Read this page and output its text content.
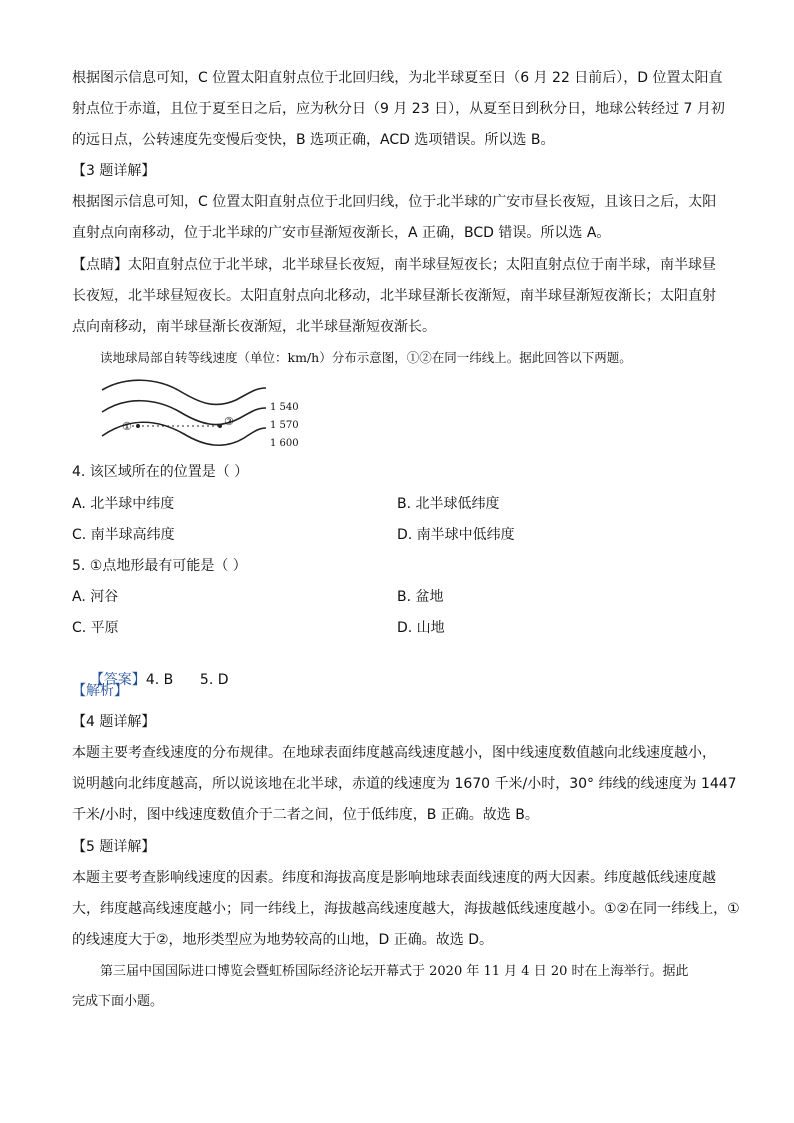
根据图示信息可知，C 位置太阳直射点位于北回归线，为北半球夏至日（6 月 22 日前后），D 位置太阳直
射点位于赤道，且位于夏至日之后，应为秋分日（9 月 23 日），从夏至日到秋分日，地球公转经过 7 月初
的远日点，公转速度先变慢后变快，B 选项正确，ACD 选项错误。所以选 B。
【3 题详解】
根据图示信息可知，C 位置太阳直射点位于北回归线，位于北半球的广安市昼长夜短，且该日之后，太阳
直射点向南移动，位于北半球的广安市昼渐短夜渐长，A 正确，BCD 错误。所以选 A。
【点睛】太阳直射点位于北半球，北半球昼长夜短，南半球昼短夜长；太阳直射点位于南半球，南半球昼
长夜短，北半球昼短夜长。太阳直射点向北移动，北半球昼渐长夜渐短，南半球昼渐短夜渐长；太阳直射
点向南移动，南半球昼渐长夜渐短，北半球昼渐短夜渐长。
读地球局部自转等线速度（单位：km/h）分布示意图，①②在同一纬线上。据此回答以下两题。
①	②
1 540
1 570
1 600
4. 该区域所在的位置是（ ）
A. 北半球中纬度	B. 北半球低纬度
C. 南半球高纬度	D. 南半球中低纬度
5. ①点地形最有可能是（ ）
A. 河谷	B. 盆地
C. 平原	D. 山地

【答案】4. B      5. D

【解析】
【4 题详解】
本题主要考查线速度的分布规律。在地球表面纬度越高线速度越小，图中线速度数值越向北线速度越小，
说明越向北纬度越高，所以说该地在北半球，赤道的线速度为 1670 千米/小时，30° 纬线的线速度为 1447
千米/小时，图中线速度数值介于二者之间，位于低纬度，B 正确。故选 B。
【5 题详解】
本题主要考查影响线速度的因素。纬度和海拔高度是影响地球表面线速度的两大因素。纬度越低线速度越
大，纬度越高线速度越小；同一纬线上，海拔越高线速度越大，海拔越低线速度越小。①②在同一纬线上，①
的线速度大于②，地形类型应为地势较高的山地，D 正确。故选 D。
第三届中国国际进口博览会暨虹桥国际经济论坛开幕式于 2020 年 11 月 4 日 20 时在上海举行。据此
完成下面小题。
